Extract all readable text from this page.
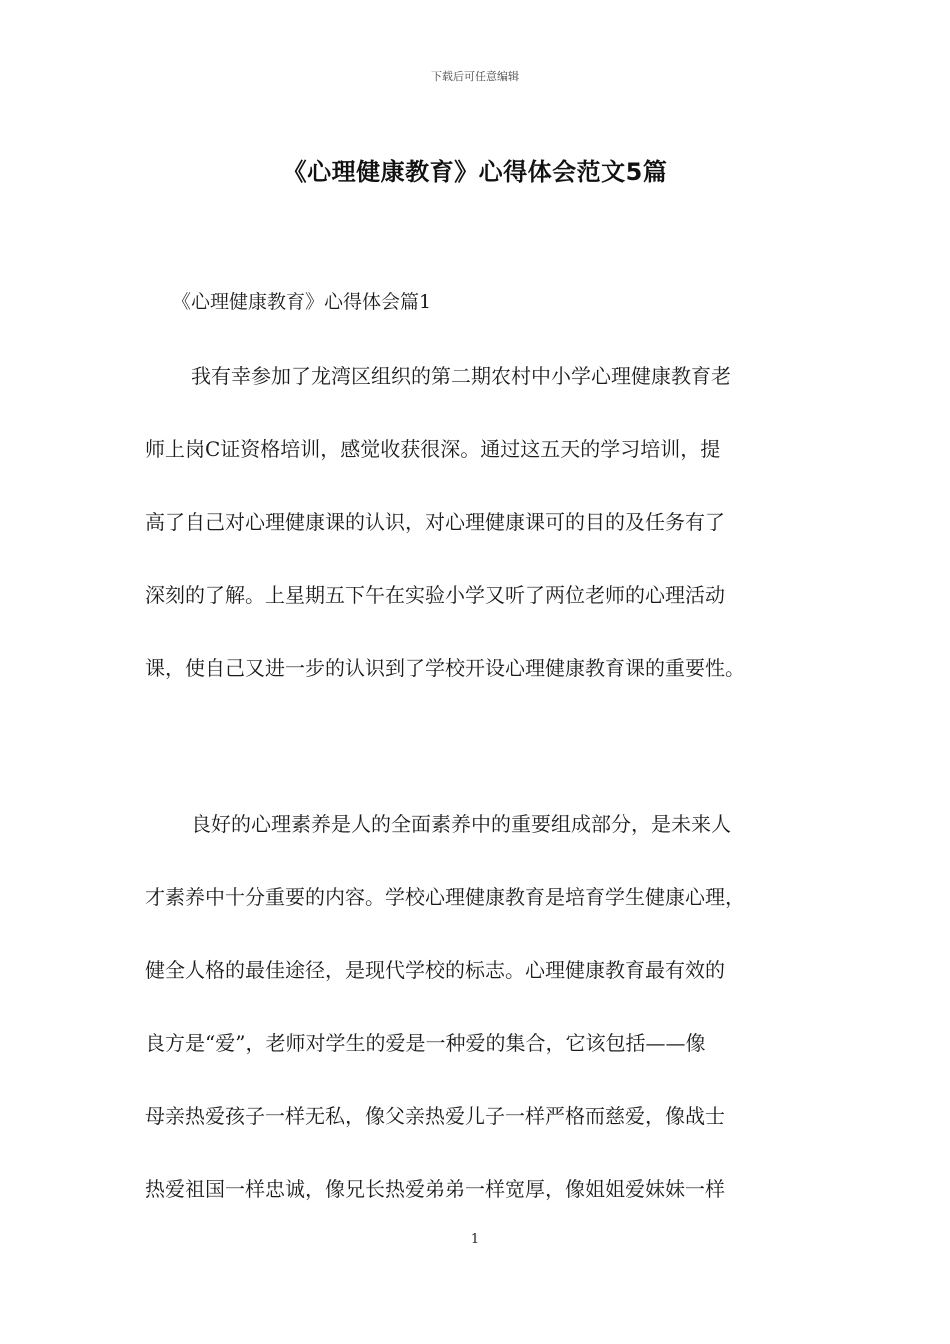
下载后可任意编辑
《心理健康教育》心得体会范文5篇
《心理健康教育》心得体会篇1
我有幸参加了龙湾区组织的第二期农村中小学心理健康教育老
师上岗C证资格培训，感觉收获很深。通过这五天的学习培训，提
高了自己对心理健康课的认识，对心理健康课可的目的及任务有了
深刻的了解。上星期五下午在实验小学又听了两位老师的心理活动
课，使自己又进一步的认识到了学校开设心理健康教育课的重要性。
良好的心理素养是人的全面素养中的重要组成部分，是未来人
才素养中十分重要的内容。学校心理健康教育是培育学生健康心理，
健全人格的最佳途径，是现代学校的标志。心理健康教育最有效的
良方是“爱”，老师对学生的爱是一种爱的集合，它该包括——像
母亲热爱孩子一样无私，像父亲热爱儿子一样严格而慈爱，像战士
热爱祖国一样忠诚，像兄长热爱弟弟一样宽厚，像姐姐爱妹妹一样
1
